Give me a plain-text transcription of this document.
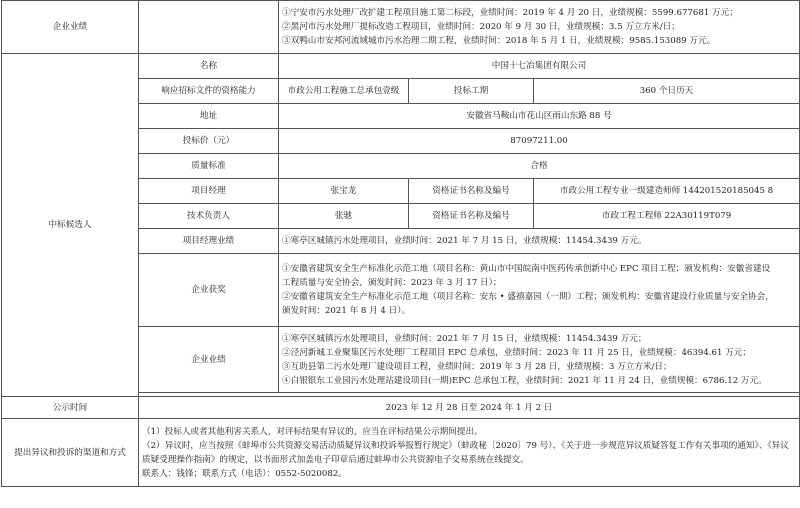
企业业绩		①宁安市污水处理厂改扩建工程项目施工第二标段，业绩时间：2019 年 4 月 20 日，业绩规模：5599.677681 万元；
②黑河市污水处理厂提标改造工程项目，业绩时间：2020 年 9 月 30 日，业绩规模：3.5 万立方米/日；
③双鸭山市安邦河流域城市污水治理二期工程，业绩时间：2018 年 5 月 1 日，业绩规模：9585.153089 万元。		

中标候选人	名称	中国十七冶集团有限公司		
	响应招标文件的资格能力	市政公用工程施工总承包壹级	投标工期	360 个日历天
	地址	安徽省马鞍山市花山区雨山东路 88 号		
	投标价（元）	87097211.00		
	质量标准	合格		
	项目经理	张宝龙	资格证书名称及编号	市政公用工程专业一级建造师师 144201520185045 8
	技术负责人	张驰	资格证书名称及编号	市政工程工程师 22A30119T079
	项目经理业绩	①寒亭区城镇污水处理项目，业绩时间：2021 年 7 月 15 日，业绩规模：11454.3439 万元。		
	企业获奖	①安徽省建筑安全生产标准化示范工地（项目名称：黄山市中国皖南中医药传承创新中心 EPC 项目工程；颁发机构：安徽省建设
工程质量与安全协会，颁发时间：2023 年 3 月 17 日）；
②安徽省建筑安全生产标准化示范工地（项目名称：安东 • 盛禧嘉园（一期）工程；颁发机构：安徽省建设行业质量与安全协会，
颁发时间：2021 年 8 月 4 日）。		

	企业业绩	①寒亭区城镇污水处理项目，业绩时间：2021 年 7 月 15 日，业绩规模：11454.3439 万元；
②泾河新城工业聚集区污水处理厂工程项目 EPC 总承包，业绩时间：2023 年 11 月 25 日，业绩规模：46394.61 万元；
③互助县第二污水处理厂建设项目工程，业绩时间：2019 年 3 月 28 日，业绩规模：3 万立方米/日；
④白银银东工业园污水处理站建设项目(一期)EPC 总承包工程，业绩时间：2021 年 11 月 24 日，业绩规模：6786.12 万元。		

公示时间	2023 年 12 月 28 日至 2024 年 1 月 2 日			
提出异议和投诉的渠道和方式	（1）投标人或者其他利害关系人，对评标结果有异议的，应当在评标结果公示期间提出。
（2）异议时，应当按照《蚌埠市公共资源交易活动质疑异议和投诉举报暂行规定》（蚌政秘〔2020〕79 号）、《关于进一步规范异议质疑答复工作有关事项的通知》、《异议质疑受理操作指南》的规定，以书面形式加盖电子印章后通过蚌埠市公共资源电子交易系统在线提交。
联系人：钱锋；联系方式（电话）：0552-5020082。			
